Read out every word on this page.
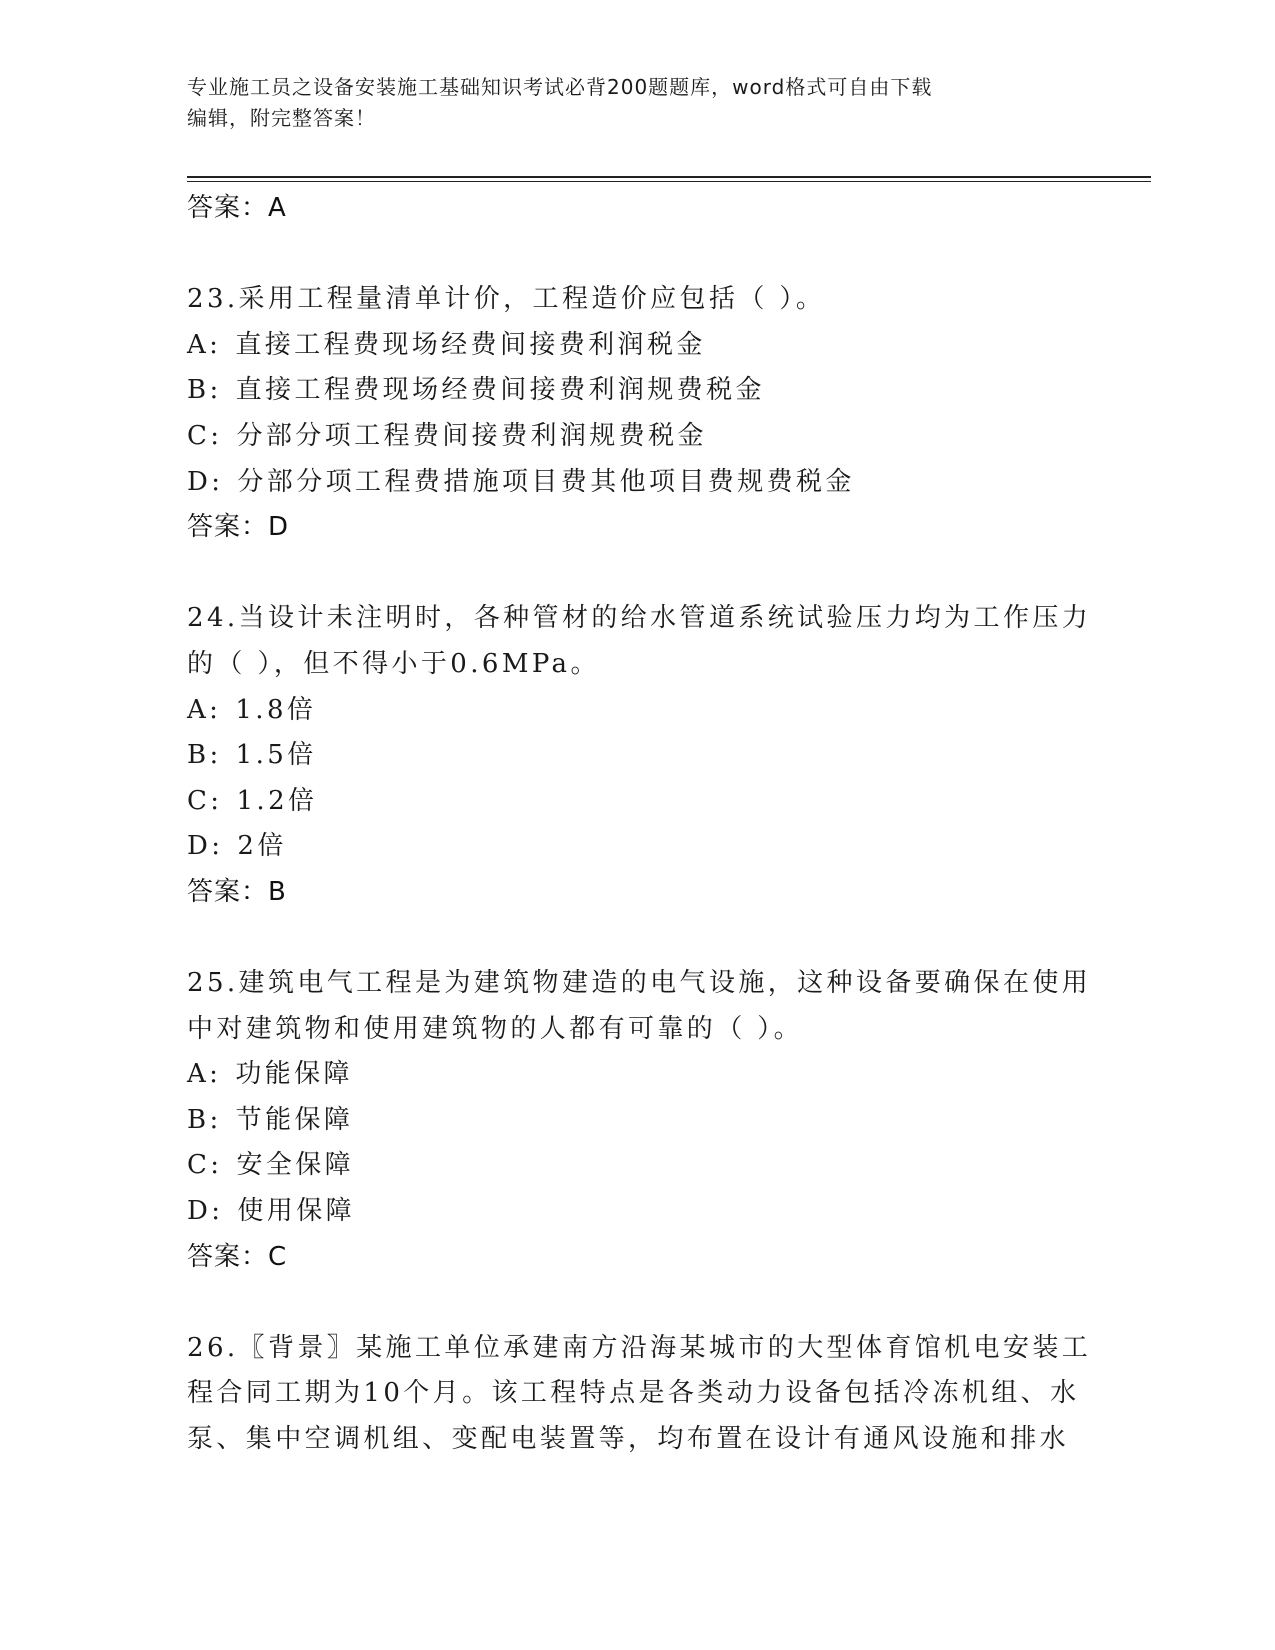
专业施工员之设备安装施工基础知识考试必背200题题库，word格式可自由下载
编辑，附完整答案！
答案：A
23.采用工程量清单计价，工程造价应包括（ ）。
A: 直接工程费现场经费间接费利润税金
B: 直接工程费现场经费间接费利润规费税金
C: 分部分项工程费间接费利润规费税金
D: 分部分项工程费措施项目费其他项目费规费税金
答案：D
24.当设计未注明时，各种管材的给水管道系统试验压力均为工作压力
的（ ），但不得小于0.6MPa。
A: 1.8倍
B: 1.5倍
C: 1.2倍
D: 2倍
答案：B
25.建筑电气工程是为建筑物建造的电气设施，这种设备要确保在使用
中对建筑物和使用建筑物的人都有可靠的（ ）。
A: 功能保障
B: 节能保障
C: 安全保障
D: 使用保障
答案：C
26.〖背景〗某施工单位承建南方沿海某城市的大型体育馆机电安装工
程合同工期为10个月。该工程特点是各类动力设备包括冷冻机组、水
泵、集中空调机组、变配电装置等，均布置在设计有通风设施和排水
